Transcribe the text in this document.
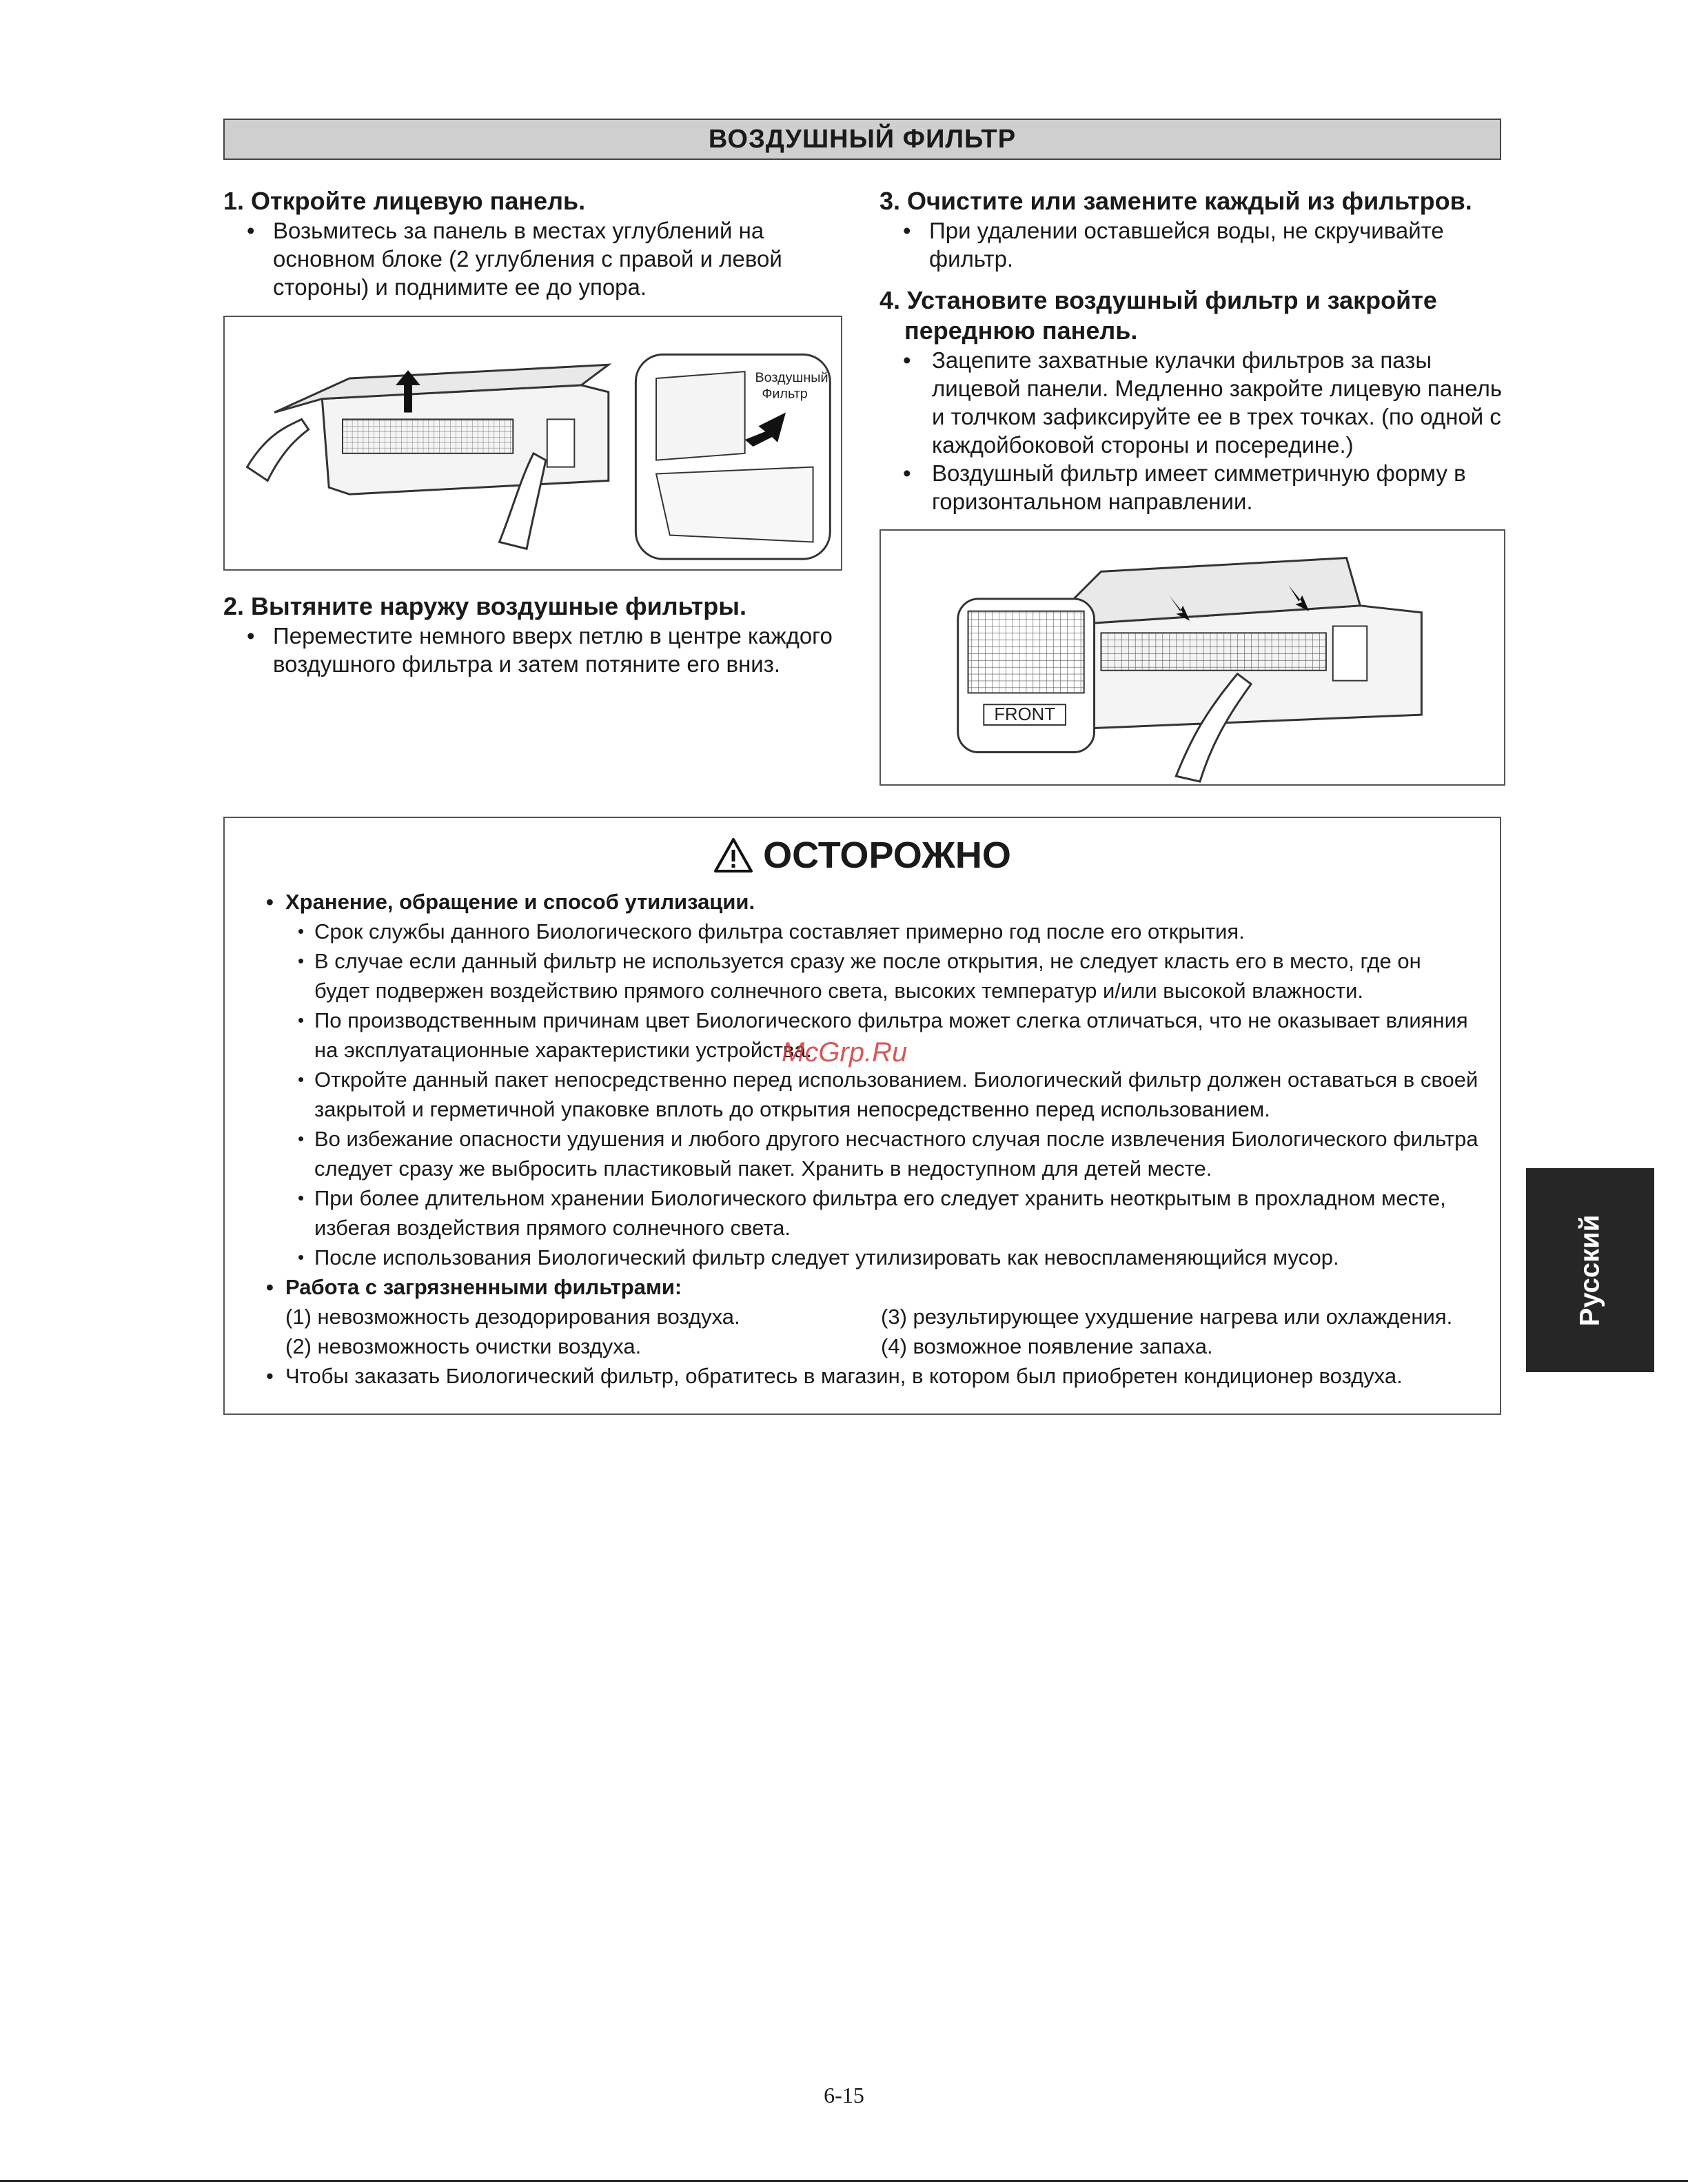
ВОЗДУШНЫЙ ФИЛЬТР
1. Откройте лицевую панель.
• Возьмитесь за панель в местах углублений на основном блоке (2 углубления с правой и левой стороны) и поднимите ее до упора.
Воздушный
Фильтр
2. Вытяните наружу воздушные фильтры.
• Переместите немного вверх петлю в центре каждого воздушного фильтра и затем потяните его вниз.
3. Очистите или замените каждый из фильтров.
• При удалении оставшейся воды, не скручивайте фильтр.
4. Установите воздушный фильтр и закройте переднюю панель.
• Зацепите захватные кулачки фильтров за пазы лицевой панели. Медленно закройте лицевую панель и толчком зафиксируйте ее в трех точках. (по одной с каждойбоковой стороны и посередине.)
• Воздушный фильтр имеет симметричную форму в горизонтальном направлении.
FRONT
ОСТОРОЖНО
• Хранение, обращение и способ утилизации.
• Срок службы данного Биологического фильтра составляет примерно год после его открытия.
• В случае если данный фильтр не используется сразу же после открытия, не следует класть его в место, где он будет подвержен воздействию прямого солнечного света, высоких температур и/или высокой влажности.
• По производственным причинам цвет Биологического фильтра может слегка отличаться, что не оказывает влияния на эксплуатационные характеристики устройства.
• Откройте данный пакет непосредственно перед использованием. Биологический фильтр должен оставаться в своей закрытой и герметичной упаковке вплоть до открытия непосредственно перед использованием.
• Во избежание опасности удушения и любого другого несчастного случая после извлечения Биологического фильтра следует сразу же выбросить пластиковый пакет. Хранить в недоступном для детей месте.
• При более длительном хранении Биологического фильтра его следует хранить неоткрытым в прохладном месте, избегая воздействия прямого солнечного света.
• После использования Биологический фильтр следует утилизировать как невоспламеняющийся мусор.
• Работа с загрязненными фильтрами:
(1) невозможность дезодорирования воздуха.	(3) результирующее ухудшение нагрева или охлаждения.
(2) невозможность очистки воздуха.	(4) возможное появление запаха.
• Чтобы заказать Биологический фильтр, обратитесь в магазин, в котором был приобретен кондиционер воздуха.
McGrp.Ru
Русский
6-15
